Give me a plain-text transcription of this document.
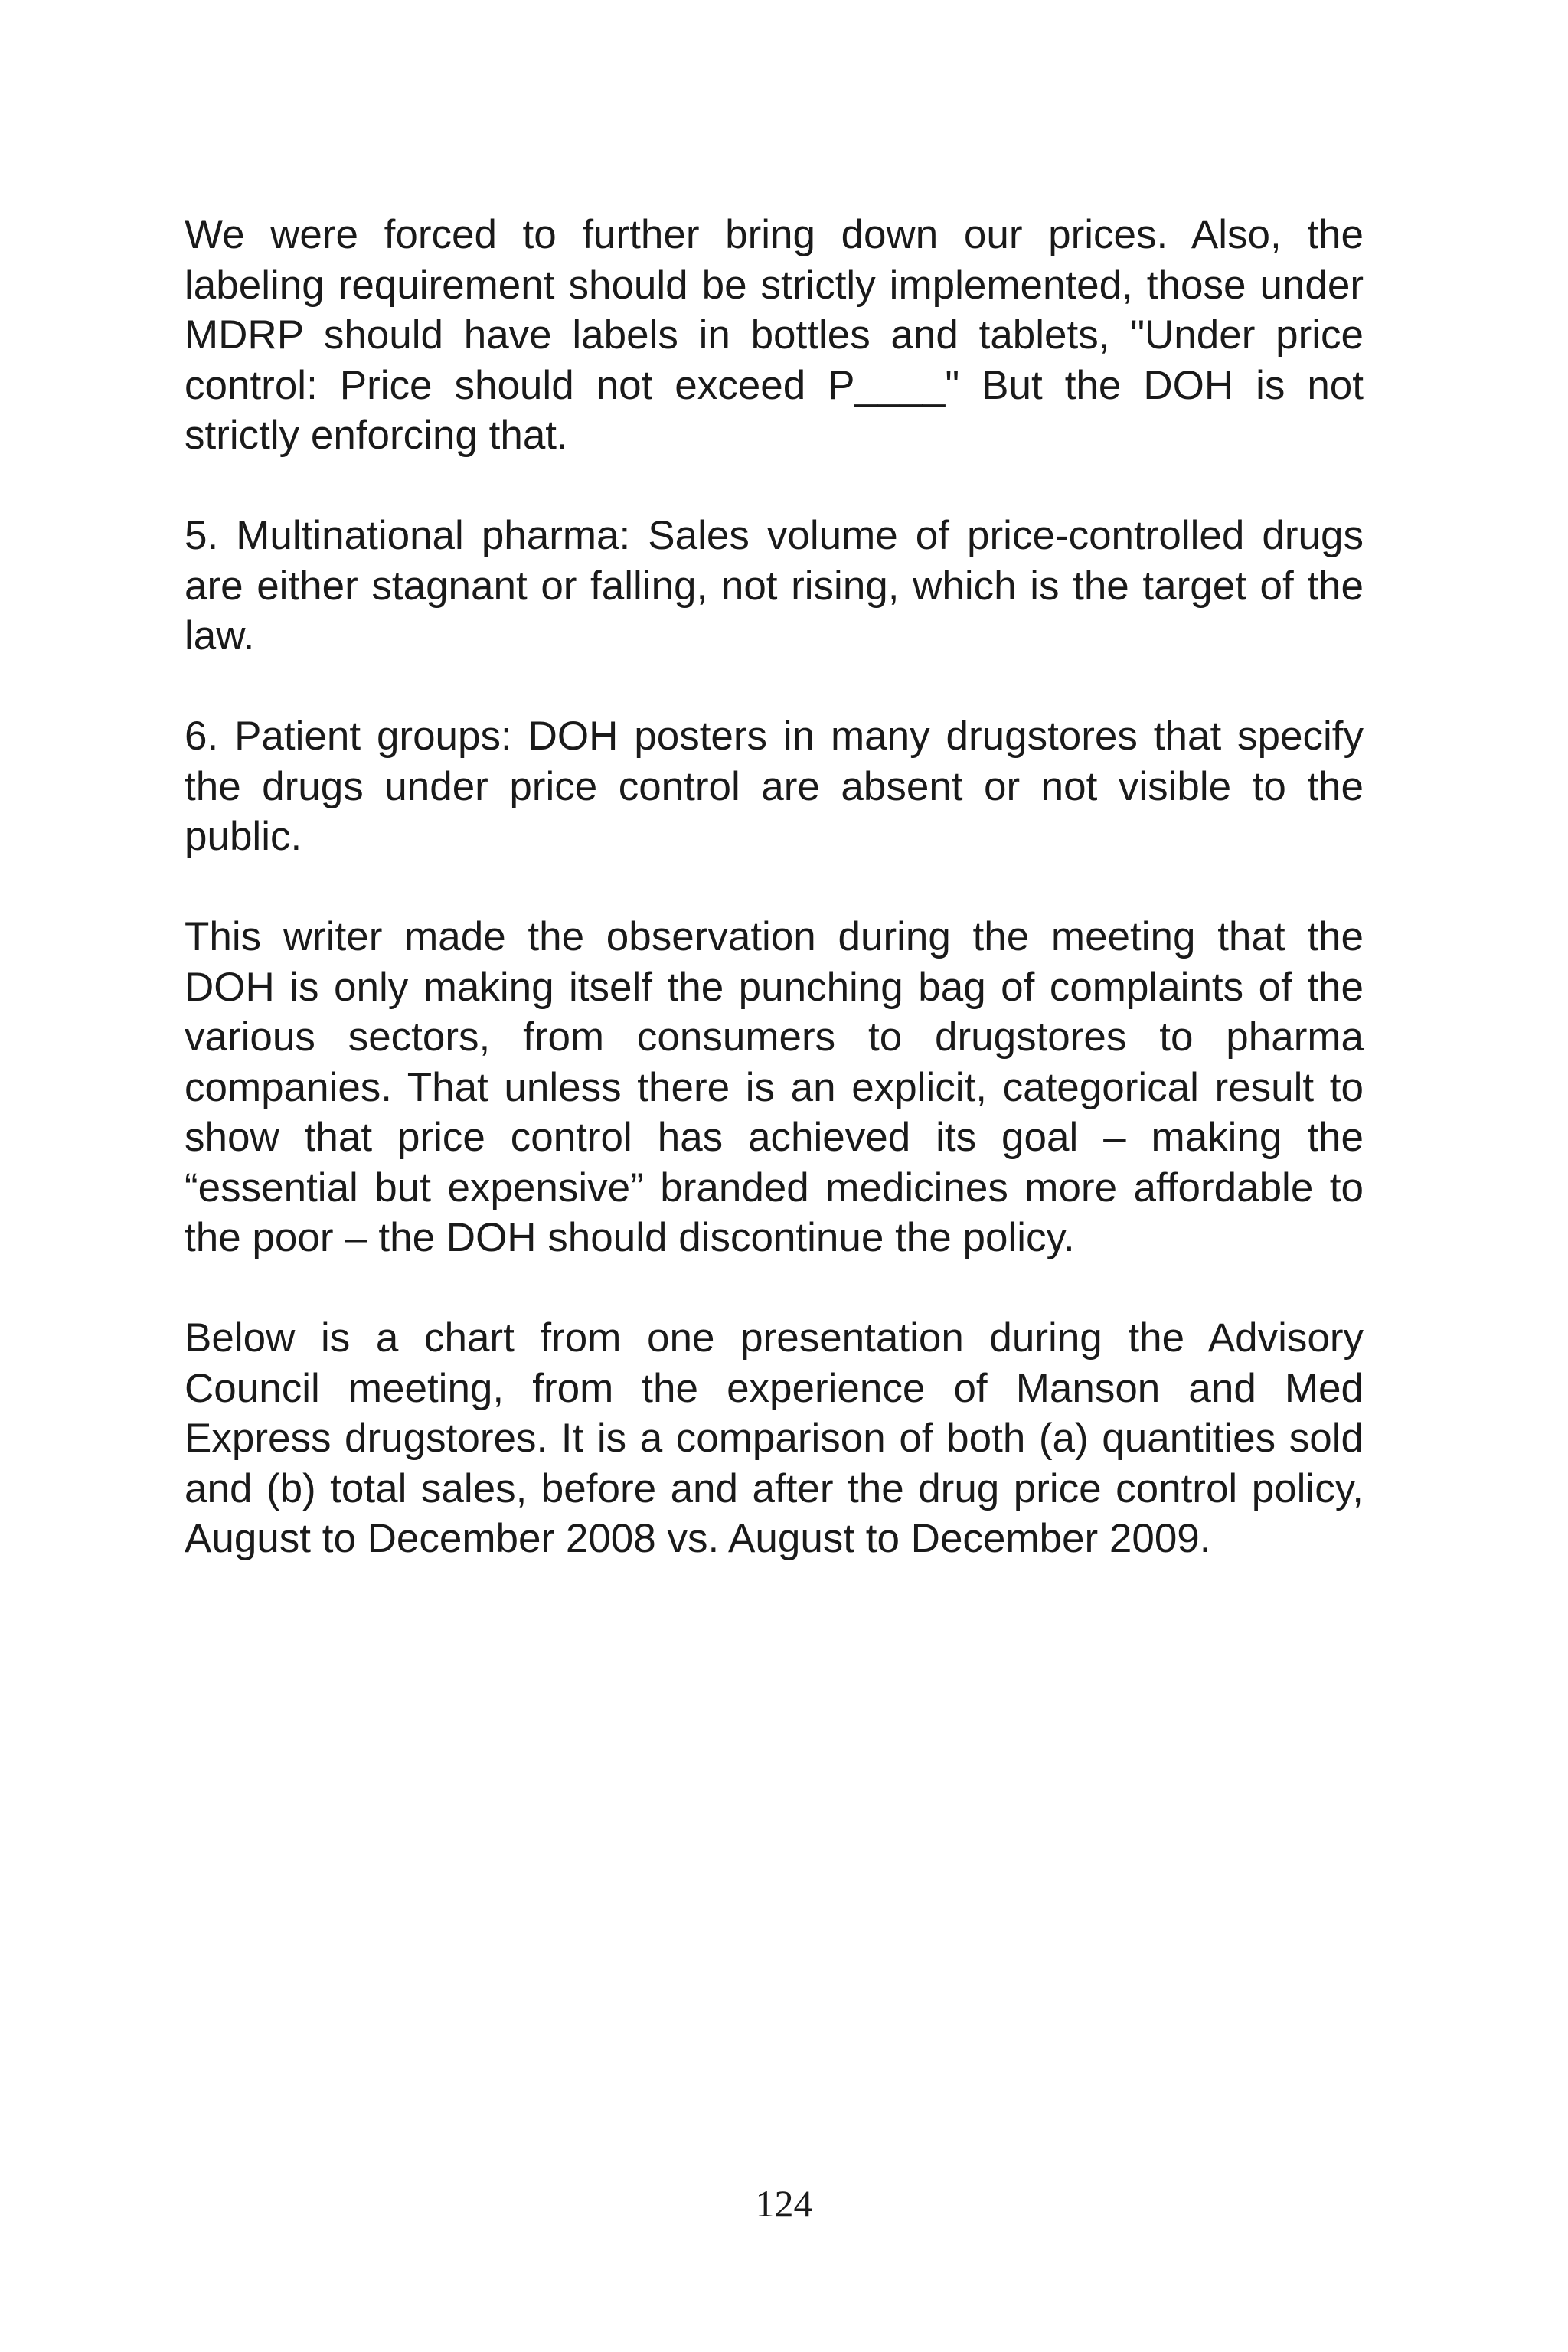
We were forced to further bring down our prices. Also, the labeling requirement should be strictly implemented, those under MDRP should have labels in bottles and tablets, "Under price control: Price should not exceed P____" But the DOH is not strictly enforcing that.

5. Multinational pharma: Sales volume of price-controlled drugs are either stagnant or falling, not rising, which is the target of the law.

6. Patient groups: DOH posters in many drugstores that specify the drugs under price control are absent or not visible to the public.

This writer made the observation during the meeting that the DOH is only making itself the punching bag of complaints of the various sectors, from consumers to drugstores to pharma companies. That unless there is an explicit, categorical result to show that price control has achieved its goal – making the “essential but expensive” branded medicines more affordable to the poor – the DOH should discontinue the policy.

Below is a chart from one presentation during the Advisory Council meeting, from the experience of Manson and Med Express drugstores. It is a comparison of both (a) quantities sold and (b) total sales, before and after the drug price control policy, August to December 2008 vs. August to December 2009.

124
